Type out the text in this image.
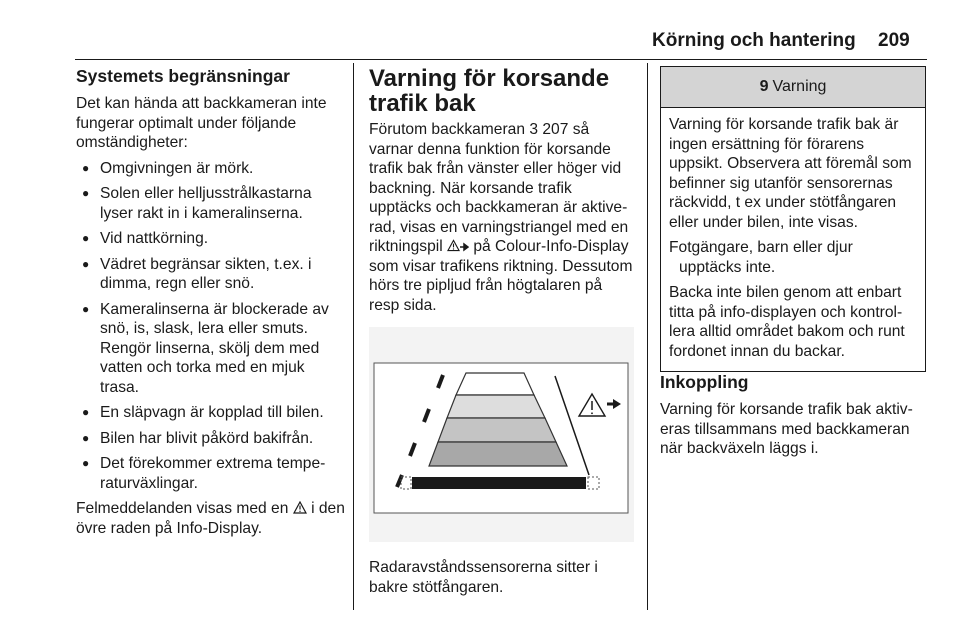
Körning och hantering 209
Systemets begränsningar

Det kan hända att backkameran inte fungerar optimalt under följande omständigheter:

● Omgivningen är mörk.
● Solen eller helljusstrålkastarna lyser rakt in i kameralinserna.
● Vid nattkörning.
● Vädret begränsar sikten, t.ex. i dimma, regn eller snö.
● Kameralinserna är blockerade av snö, is, slask, lera eller smuts. Rengör linserna, skölj dem med vatten och torka med en mjuk trasa.
● En släpvagn är kopplad till bilen.
● Bilen har blivit påkörd bakifrån.
● Det förekommer extrema temperaturväxlingar.

Felmeddelanden visas med en i den övre raden på Info-Display.

Varning för korsande trafik bak

Förutom backkameran 3 207 så varnar denna funktion för korsande trafik bak från vänster eller höger vid backning. När korsande trafik upptäcks och backkameran är aktiverad, visas en varningstriangel med en riktningspil på Colour-Info-Display som visar trafikens riktning. Dessutom hörs tre pipljud från högtalaren på resp sida.

Radaravståndssensorerna sitter i bakre stötfångaren.

9 Varning

Varning för korsande trafik bak är ingen ersättning för förarens uppsikt. Observera att föremål som befinner sig utanför sensorernas räckvidd, t ex under stötfångaren eller under bilen, inte visas.

Fotgängare, barn eller djur upptäcks inte.

Backa inte bilen genom att enbart titta på info-displayen och kontrollera alltid området bakom och runt fordonet innan du backar.

Inkoppling

Varning för korsande trafik bak aktiveras tillsammans med backkameran när backväxeln läggs i.
